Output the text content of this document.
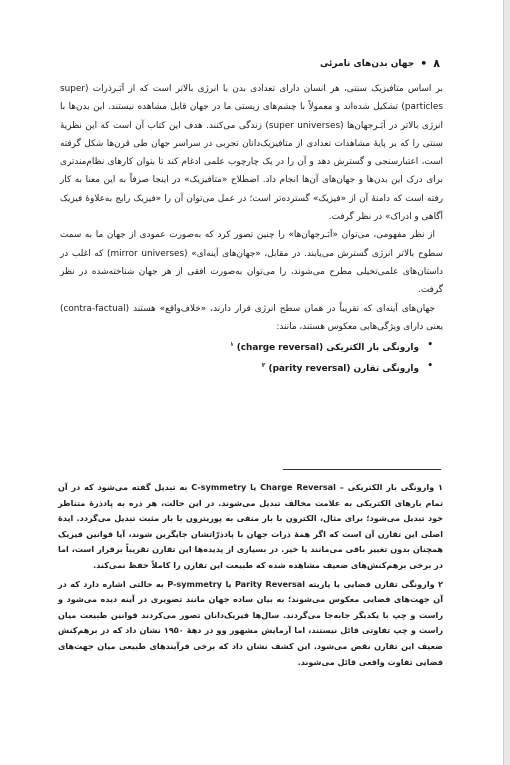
۸
•
جهان بدن‌های نامرئی

بر اساس متافیزیک سنتی، هر انسان دارای تعدادی بدن با انرژی بالاتر است که از اَبَـرذرات (super particles) تشکیل شده‌اند و معمولاً با چشم‌های زیستی ما در جهان قابل مشاهده نیستند. این بدن‌ها با انرژی بالاتر در اَبَـرجهان‌ها (super universes) زندگی می‌کنند. هدف این کتاب آن است که این نظریهٔ سنتی را که بر پایهٔ مشاهدات تعدادی از متافیزیک‌دانان تجربی در سراسر جهان طی قرن‌ها شکل گرفته است، اعتبارسنجی و گسترش دهد و آن را در یک چارچوب علمی ادغام کند تا بتوان کارهای نظام‌مندتری برای درک این بدن‌ها و جهان‌های آن‌ها انجام داد. اصطلاح «متافیزیک» در اینجا صرفاً به این معنا به کار رفته است که دامنهٔ آن از «فیزیک» گسترده‌تر است؛ در عمل می‌توان آن را «فیزیک رایج به‌علاوهٔ فیزیک آگاهی و ادراک» در نظر گرفت.

از نظر مفهومی، می‌توان «اَبَـرجهان‌ها» را چنین تصور کرد که به‌صورت عمودی از جهان ما به سمت سطوح بالاتر انرژی گسترش می‌یابند. در مقابل، «جهان‌های آینه‌ای» (mirror universes) که اغلب در داستان‌های علمی‌تخیلی مطرح می‌شوند، را می‌توان به‌صورت افقی از هر جهان شناخته‌شده در نظر گرفت.

جهان‌های آینه‌ای که تقریباً در همان سطح انرژی قرار دارند، «خلاف‌واقع» هستند (contra-factual) یعنی دارای ویژگی‌هایی معکوس هستند، مانند:

• وارونگی بار الکتریکی (charge reversal) $^۱$
• وارونگی تقارن (parity reversal) $^۲$

۱ وارونگی بار الکتریکی – Charge Reversal یا C-symmetry به تبدیل گفته می‌شود که در آن تمام بارهای الکتریکی به علامت مخالف تبدیل می‌شوند. در این حالت، هر ذره به پادذرهٔ متناظر خود تبدیل می‌شود؛ برای مثال، الکترون با بار منفی به پوزیترون با بار مثبت تبدیل می‌گردد. ایدهٔ اصلی این تقارن آن است که اگر همهٔ ذرات جهان با پادذرّاتشان جایگزین شوند، آیا قوانین فیزیک همچنان بدون تغییر باقی می‌مانند یا خیر. در بسیاری از پدیده‌ها این تقارن تقریباً برقرار است، اما در برخی برهم‌کنش‌های ضعیف مشاهده شده که طبیعت این تقارن را کاملاً حفظ نمی‌کند.

۲ وارونگی تقارن فضایی یا پاریته Parity Reversal یا P-symmetry به حالتی اشاره دارد که در آن جهت‌های فضایی معکوس می‌شوند؛ به بیان ساده جهان مانند تصویری در آینه دیده می‌شود و راست و چپ با یکدیگر جابه‌جا می‌گردند. سال‌ها فیزیک‌دانان تصور می‌کردند قوانین طبیعت میان راست و چپ تفاوتی قائل نیستند، اما آزمایش مشهور وو در دههٔ ۱۹۵۰ نشان داد که در برهم‌کنش ضعیف این تقارن نقض می‌شود. این کشف نشان داد که برخی فرآیندهای طبیعی میان جهت‌های فضایی تفاوت واقعی قائل می‌شوند.
